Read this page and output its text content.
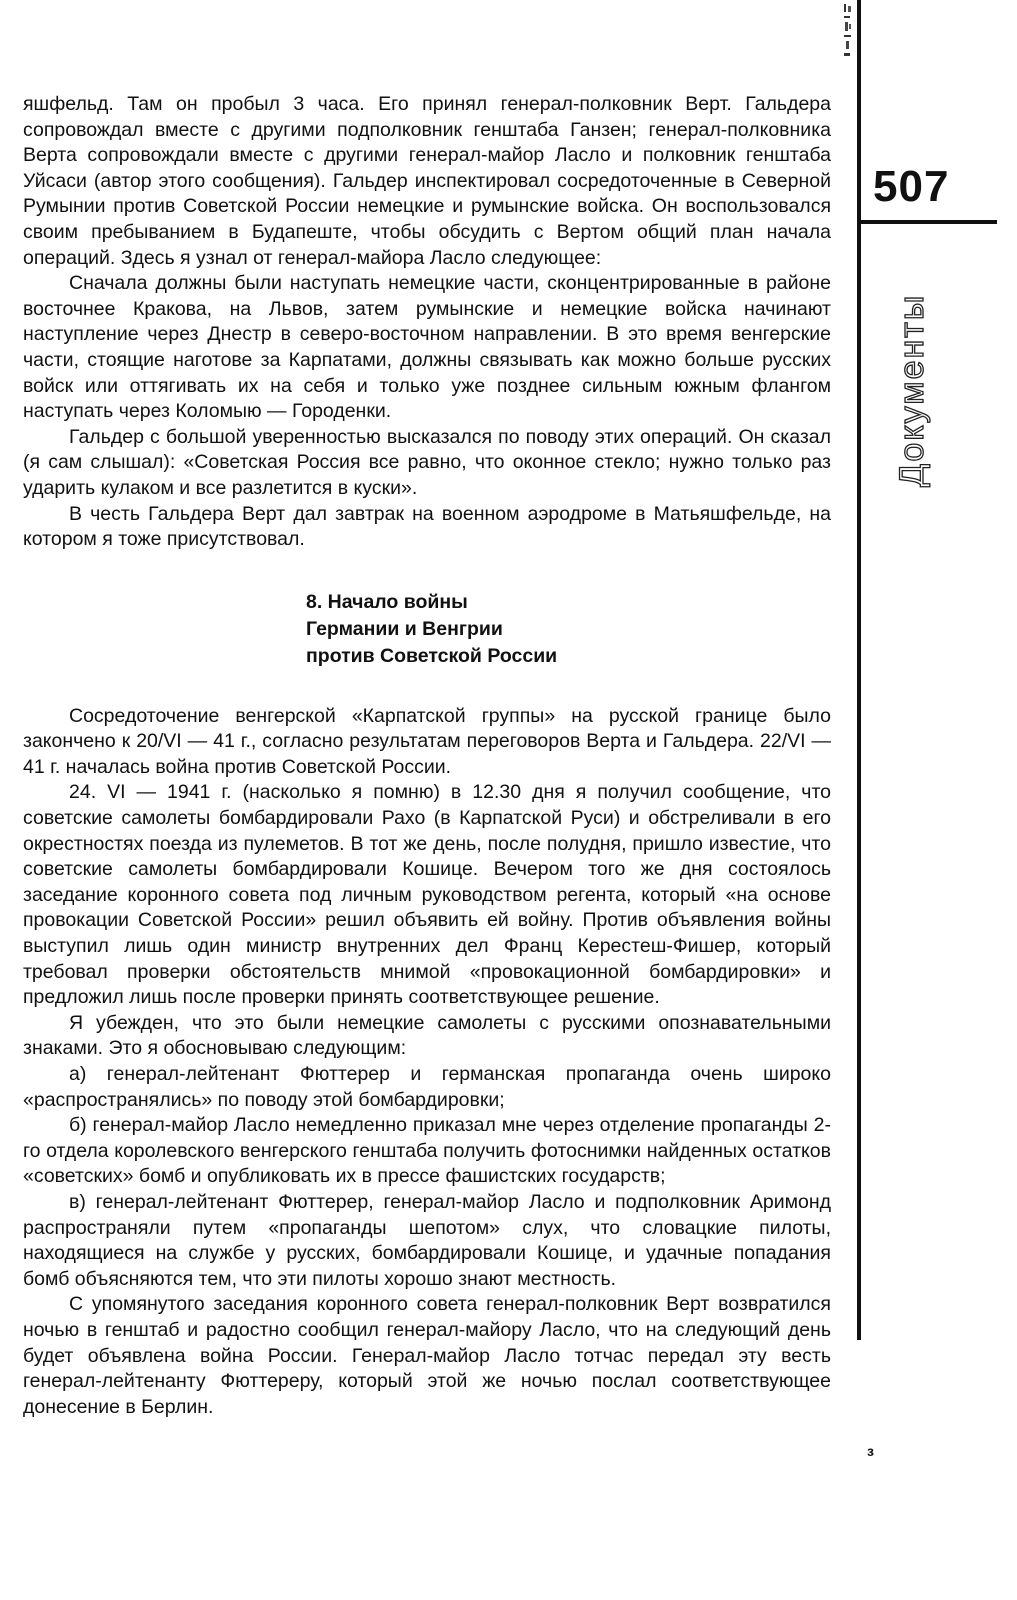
507
Документы

яшфельд. Там он пробыл 3 часа. Его принял генерал-полковник Верт. Гальдера сопровождал вместе с другими подполковник генштаба Ганзен; генерал-полковника Верта сопровождали вместе с другими генерал-майор Ласло и полковник генштаба Уйсаси (автор этого сообщения). Гальдер инспектировал сосредоточенные в Северной Румынии против Советской России немецкие и румынские войска. Он воспользовался своим пребыванием в Будапеште, чтобы обсудить с Вертом общий план начала операций. Здесь я узнал от генерал-майора Ласло следующее:

Сначала должны были наступать немецкие части, сконцентрированные в районе восточнее Кракова, на Львов, затем румынские и немецкие войска начинают наступление через Днестр в северо-восточном направлении. В это время венгерские части, стоящие наготове за Карпатами, должны связывать как можно больше русских войск или оттягивать их на себя и только уже позднее сильным южным флангом наступать через Коломыю — Городенки.

Гальдер с большой уверенностью высказался по поводу этих операций. Он сказал (я сам слышал): «Советская Россия все равно, что оконное стекло; нужно только раз ударить кулаком и все разлетится в куски».

В честь Гальдера Верт дал завтрак на военном аэродроме в Матьяшфельде, на котором я тоже присутствовал.

8. Начало войны
Германии и Венгрии
против Советской России

Сосредоточение венгерской «Карпатской группы» на русской границе было закончено к 20/VI — 41 г., согласно результатам переговоров Верта и Гальдера. 22/VI — 41 г. началась война против Советской России.

24. VI — 1941 г. (насколько я помню) в 12.30 дня я получил сообщение, что советские самолеты бомбардировали Рахо (в Карпатской Руси) и обстреливали в его окрестностях поезда из пулеметов. В тот же день, после полудня, пришло известие, что советские самолеты бомбардировали Кошице. Вечером того же дня состоялось заседание коронного совета под личным руководством регента, который «на основе провокации Советской России» решил объявить ей войну. Против объявления войны выступил лишь один министр внутренних дел Франц Керестеш-Фишер, который требовал проверки обстоятельств мнимой «провокационной бомбардировки» и предложил лишь после проверки принять соответствующее решение.

Я убежден, что это были немецкие самолеты с русскими опознавательными знаками. Это я обосновываю следующим:

а) генерал-лейтенант Фюттерер и германская пропаганда очень широко «распространялись» по поводу этой бомбардировки;

б) генерал-майор Ласло немедленно приказал мне через отделение пропаганды 2-го отдела королевского венгерского генштаба получить фотоснимки найденных остатков «советских» бомб и опубликовать их в прессе фашистских государств;

в) генерал-лейтенант Фюттерер, генерал-майор Ласло и подполковник Аримонд распространяли путем «пропаганды шепотом» слух, что словацкие пилоты, находящиеся на службе у русских, бомбардировали Кошице, и удачные попадания бомб объясняются тем, что эти пилоты хорошо знают местность.

С упомянутого заседания коронного совета генерал-полковник Верт возвратился ночью в генштаб и радостно сообщил генерал-майору Ласло, что на следующий день будет объявлена война России. Генерал-майор Ласло тотчас передал эту весть генерал-лейтенанту Фюттереру, который этой же ночью послал соответствующее донесение в Берлин.

з
